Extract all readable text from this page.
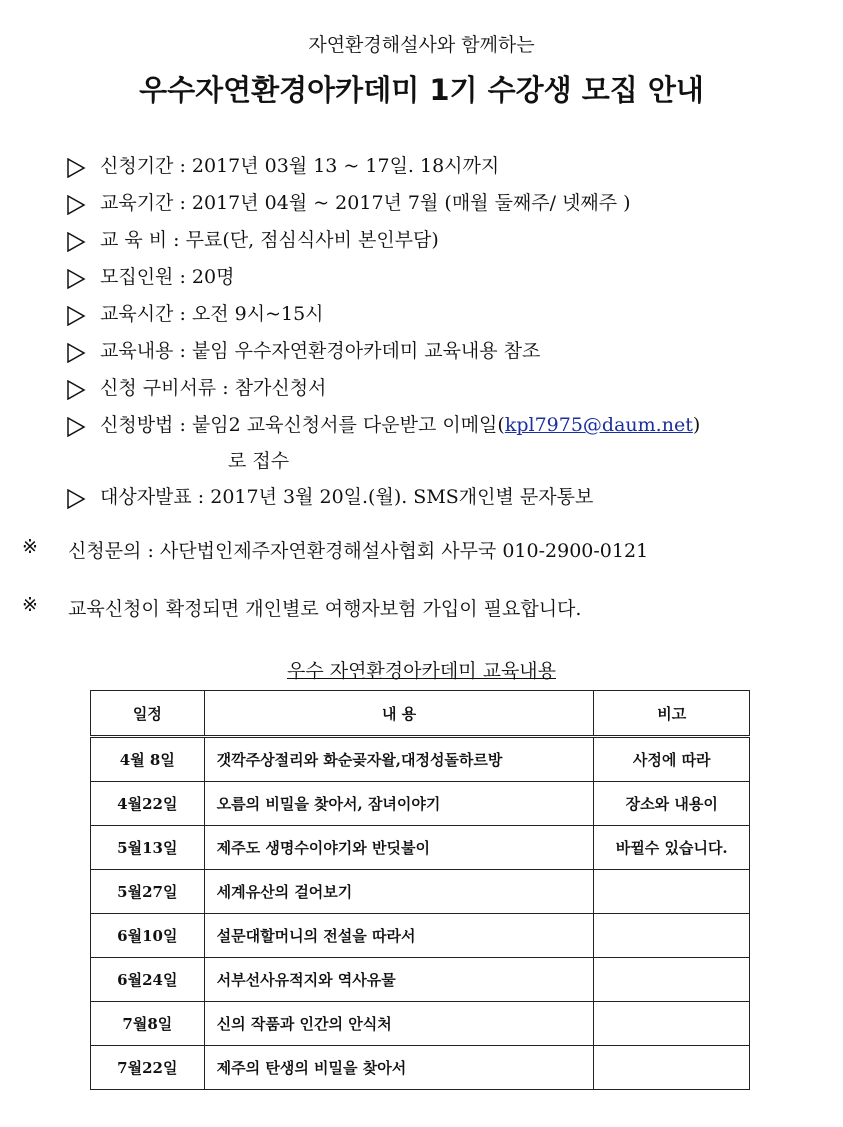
자연환경해설사와 함께하는
우수자연환경아카데미 1기 수강생 모집 안내
신청기간 : 2017년 03월 13 ~ 17일. 18시까지
교육기간 : 2017년 04월 ~ 2017년 7월 (매월 둘째주/ 넷째주 )
교 육 비 : 무료(단, 점심식사비 본인부담)
모집인원 : 20명
교육시간 : 오전 9시~15시
교육내용 : 붙임 우수자연환경아카데미 교육내용 참조
신청 구비서류 : 참가신청서
신청방법 : 붙임2 교육신청서를 다운받고 이메일(kpl7975@daum.net)
로 접수
대상자발표 : 2017년 3월 20일.(월). SMS개인별 문자통보
※ 신청문의 : 사단법인제주자연환경해설사협회 사무국 010-2900-0121
※ 교육신청이 확정되면 개인별로 여행자보험 가입이 필요합니다.
우수 자연환경아카데미 교육내용
일정	내 용	비고
4월 8일	갯깍주상절리와 화순곶자왈,대정성돌하르방	사정에 따라
4월22일	오름의 비밀을 찾아서, 잠녀이야기	장소와 내용이
5월13일	제주도 생명수이야기와 반딧불이	바뀔수 있습니다.
5월27일	세계유산의 걸어보기	
6월10일	설문대할머니의 전설을 따라서	
6월24일	서부선사유적지와 역사유물	
7월8일	신의 작품과 인간의 안식처	
7월22일	제주의 탄생의 비밀을 찾아서	
